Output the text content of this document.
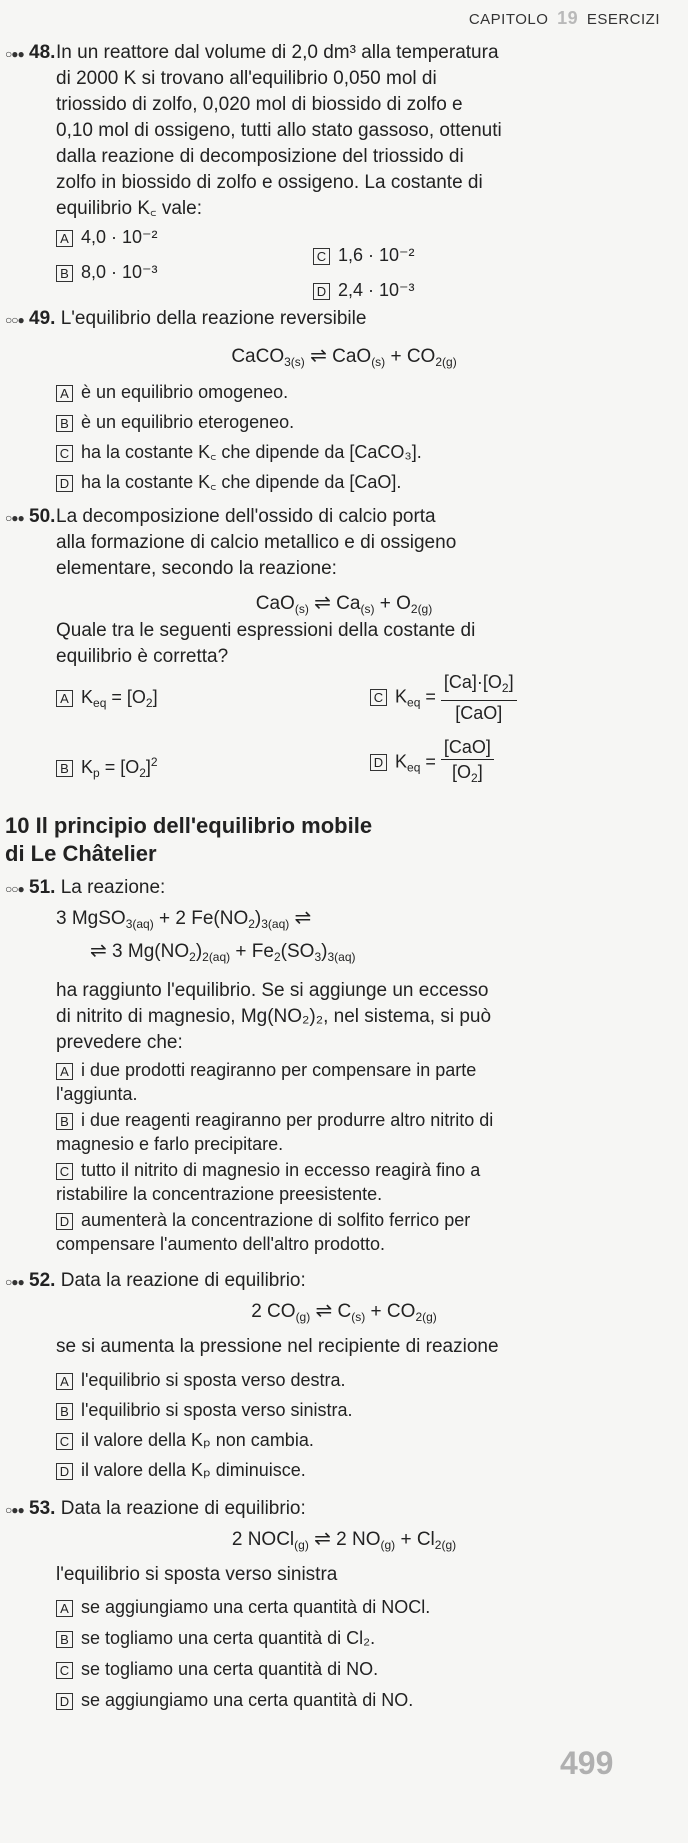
CAPITOLO 19 ESERCIZI
○●● 48. In un reattore dal volume di 2,0 dm³ alla temperatura
di 2000 K si trovano all'equilibrio 0,050 mol di
triossido di zolfo, 0,020 mol di biossido di zolfo e
0,10 mol di ossigeno, tutti allo stato gassoso, ottenuti
dalla reazione di decomposizione del triossido di
zolfo in biossido di zolfo e ossigeno. La costante di
equilibrio K꜀ vale:
A 4,0 · 10⁻²
B 8,0 · 10⁻³
C 1,6 · 10⁻²
D 2,4 · 10⁻³
○○● 49. L'equilibrio della reazione reversibile
CaCO$_{3(s)}$ ⇌ $CaO_{(s)} + CO_{2(g)}$
A è un equilibrio omogeneo.
B è un equilibrio eterogeneo.
C ha la costante K꜀ che dipende da [CaCO₃].
D ha la costante K꜀ che dipende da [CaO].
○●● 50. La decomposizione dell'ossido di calcio porta
alla formazione di calcio metallico e di ossigeno
elementare, secondo la reazione:
CaO$_{(s)}$ ⇌ $Ca_{(s)} + O_{2(g)}$
Quale tra le seguenti espressioni della costante di
equilibrio è corretta?
A $K_{eq} = [O_2]$
B $K_p = [O_2]^2$
C $K_{eq} = \frac{[Ca]\cdot[O_2]}{\text{[CaO]}}$
D $K_{eq} = \frac{\text{[CaO]}}{[O_2]}$
10 Il principio dell'equilibrio mobile
di Le Châtelier
○○● 51. La reazione:
3 MgSO$_{3(aq)}$ + 2 $Fe(NO_2)_{3(aq)}$ ⇌
⇌ 3 $Mg(NO_2)_{2(aq)} + Fe_2(SO_3)_{3(aq)}$
ha raggiunto l'equilibrio. Se si aggiunge un eccesso
di nitrito di magnesio, Mg(NO₂)₂, nel sistema, si può
prevedere che:
A i due prodotti reagiranno per compensare in parte
l'aggiunta.
B i due reagenti reagiranno per produrre altro nitrito di
magnesio e farlo precipitare.
C tutto il nitrito di magnesio in eccesso reagirà fino a
ristabilire la concentrazione preesistente.
D aumenterà la concentrazione di solfito ferrico per
compensare l'aumento dell'altro prodotto.
○●● 52. Data la reazione di equilibrio:
2 $CO_{(g)}$ ⇌ $C_{(s)} + CO_{2(g)}$
se si aumenta la pressione nel recipiente di reazione
A l'equilibrio si sposta verso destra.
B l'equilibrio si sposta verso sinistra.
C il valore della Kₚ non cambia.
D il valore della Kₚ diminuisce.
○●● 53. Data la reazione di equilibrio:
2 NOCl$_{(g)}$ ⇌ 2 $NO_{(g)} + Cl_{2(g)}$
l'equilibrio si sposta verso sinistra
A se aggiungiamo una certa quantità di NOCl.
B se togliamo una certa quantità di Cl₂.
C se togliamo una certa quantità di NO.
D se aggiungiamo una certa quantità di NO.
499
